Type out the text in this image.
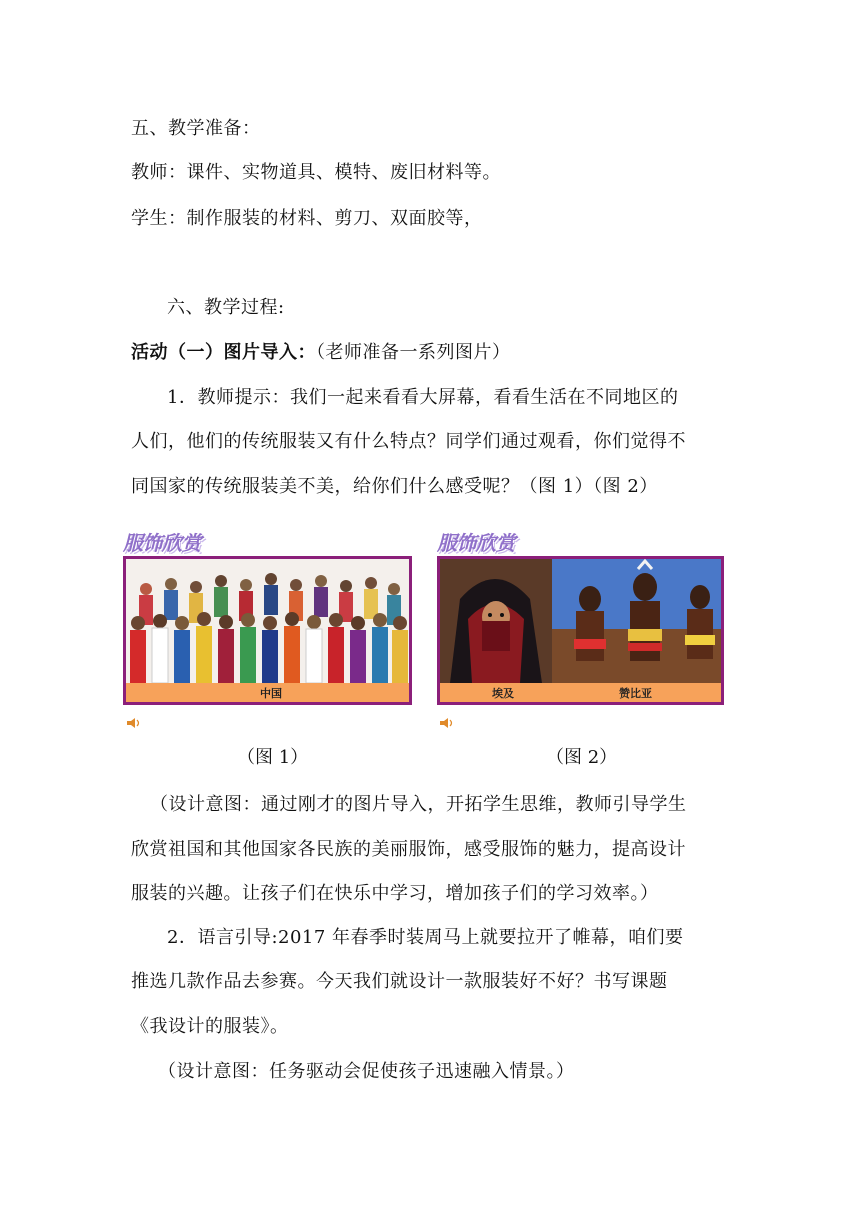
五、教学准备：
教师：课件、实物道具、模特、废旧材料等。
学生：制作服装的材料、剪刀、双面胶等，
六、教学过程:
活动（一）图片导入：（老师准备一系列图片）
1．教师提示：我们一起来看看大屏幕，看看生活在不同地区的
人们，他们的传统服装又有什么特点？同学们通过观看，你们觉得不
同国家的传统服装美不美，给你们什么感受呢？（图 1）（图 2）
服饰欣赏
中国
（图 1）
服饰欣赏
埃及	赞比亚
（图 2）
（设计意图：通过刚才的图片导入，开拓学生思维，教师引导学生
欣赏祖国和其他国家各民族的美丽服饰，感受服饰的魅力，提高设计
服装的兴趣。让孩子们在快乐中学习，增加孩子们的学习效率。）
2．语言引导:2017 年春季时装周马上就要拉开了帷幕，咱们要
推选几款作品去参赛。今天我们就设计一款服装好不好？书写课题
《我设计的服装》。
（设计意图：任务驱动会促使孩子迅速融入情景。）
